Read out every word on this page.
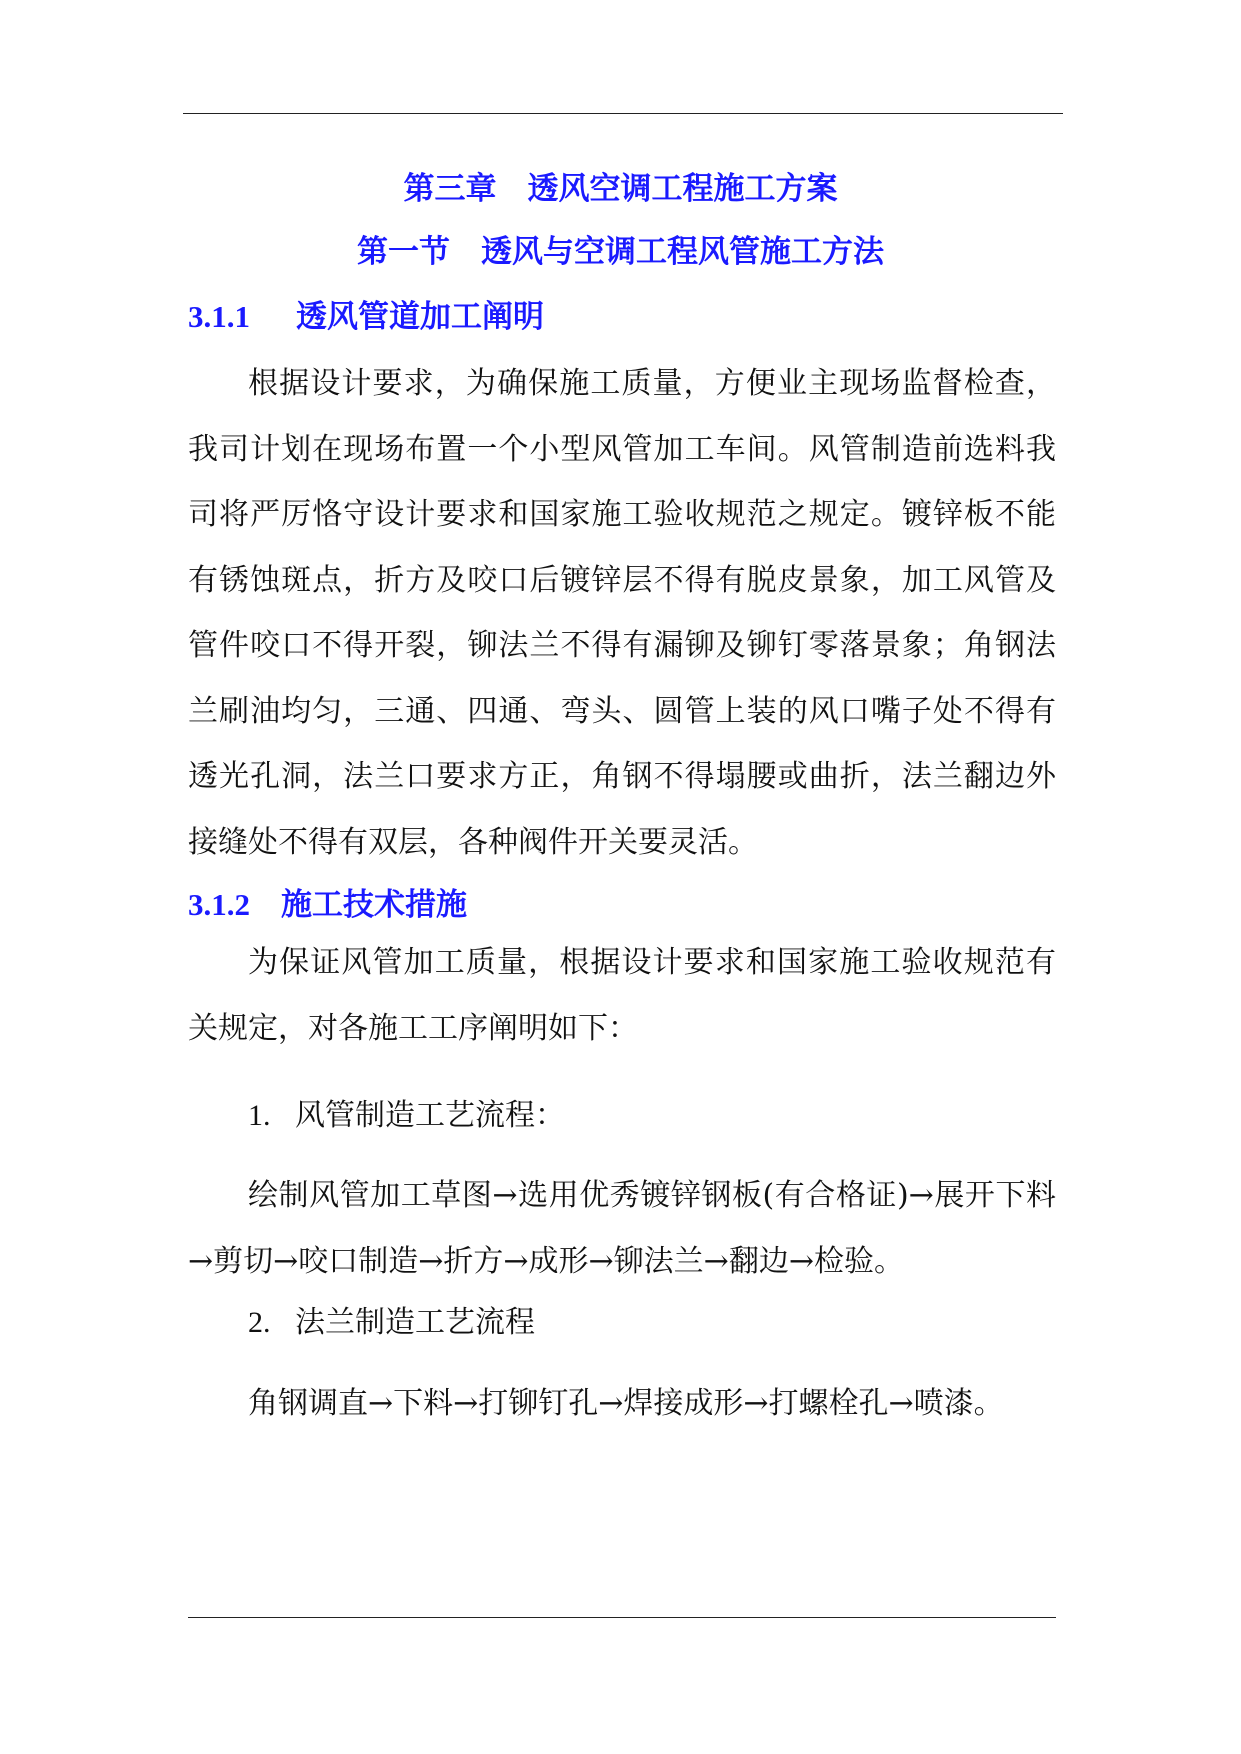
第三章　透风空调工程施工方案
第一节　透风与空调工程风管施工方法
3.1.1 透风管道加工阐明

根据设计要求，为确保施工质量，方便业主现场监督检查，我司计划在现场布置一个小型风管加工车间。风管制造前选料我司将严厉恪守设计要求和国家施工验收规范之规定。镀锌板不能有锈蚀斑点，折方及咬口后镀锌层不得有脱皮景象，加工风管及管件咬口不得开裂，铆法兰不得有漏铆及铆钉零落景象；角钢法兰刷油均匀，三通、四通、弯头、圆管上装的风口嘴子处不得有透光孔洞，法兰口要求方正，角钢不得塌腰或曲折，法兰翻边外接缝处不得有双层，各种阀件开关要灵活。

3.1.2 施工技术措施

为保证风管加工质量，根据设计要求和国家施工验收规范有关规定，对各施工工序阐明如下：

1. 风管制造工艺流程：

绘制风管加工草图→选用优秀镀锌钢板(有合格证)→展开下料→剪切→咬口制造→折方→成形→铆法兰→翻边→检验。

2. 法兰制造工艺流程

角钢调直→下料→打铆钉孔→焊接成形→打螺栓孔→喷漆。
